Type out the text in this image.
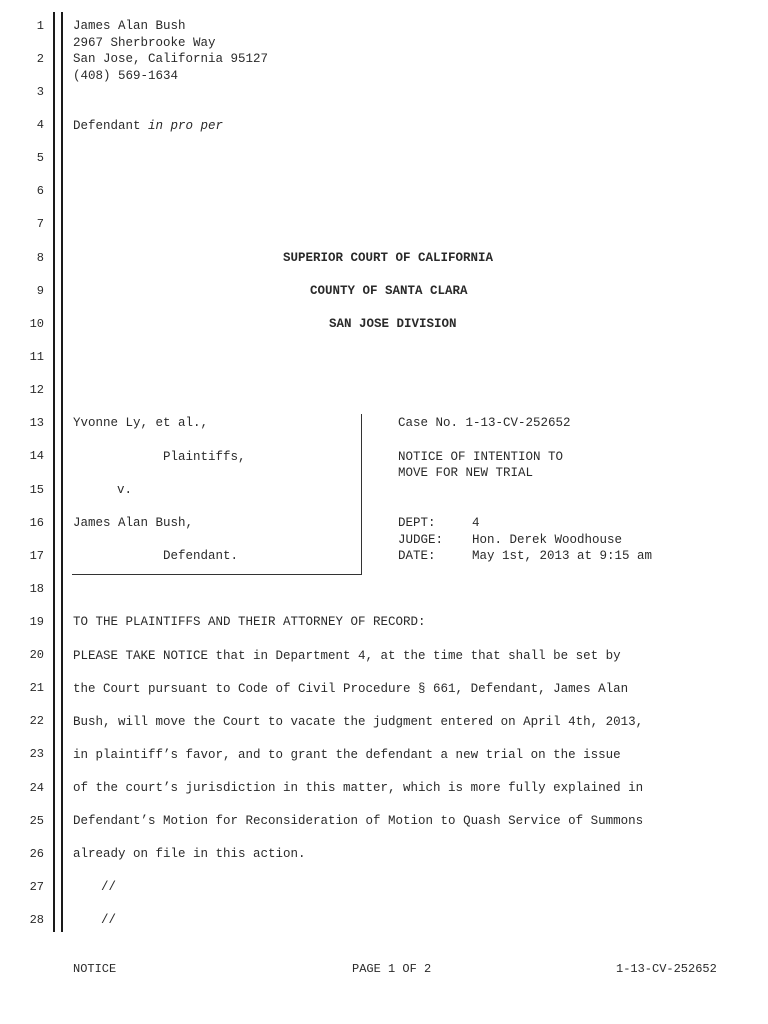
1
2
3
4
5
6
7
8
9
10
11
12
13
14
15
16
17
18
19
20
21
22
23
24
25
26
27
28
James Alan Bush
2967 Sherbrooke Way
San Jose, California 95127
(408) 569-1634
Defendant in pro per
SUPERIOR COURT OF CALIFORNIA
COUNTY OF SANTA CLARA
SAN JOSE DIVISION
Yvonne Ly, et al.,
Plaintiffs,
v.
James Alan Bush,
Defendant.
Case No. 1-13-CV-252652
NOTICE OF INTENTION TO
MOVE FOR NEW TRIAL
DEPT:	4
JUDGE: Hon. Derek Woodhouse
DATE:	May 1st, 2013 at 9:15 am
TO THE PLAINTIFFS AND THEIR ATTORNEY OF RECORD:
PLEASE TAKE NOTICE that in Department 4, at the time that shall be set by
the Court pursuant to Code of Civil Procedure § 661, Defendant, James Alan
Bush, will move the Court to vacate the judgment entered on April 4th, 2013,
in plaintiff’s favor, and to grant the defendant a new trial on the issue
of the court’s jurisdiction in this matter, which is more fully explained in
Defendant’s Motion for Reconsideration of Motion to Quash Service of Summons
already on file in this action.
//
//
NOTICE	PAGE 1 OF 2	1-13-CV-252652
